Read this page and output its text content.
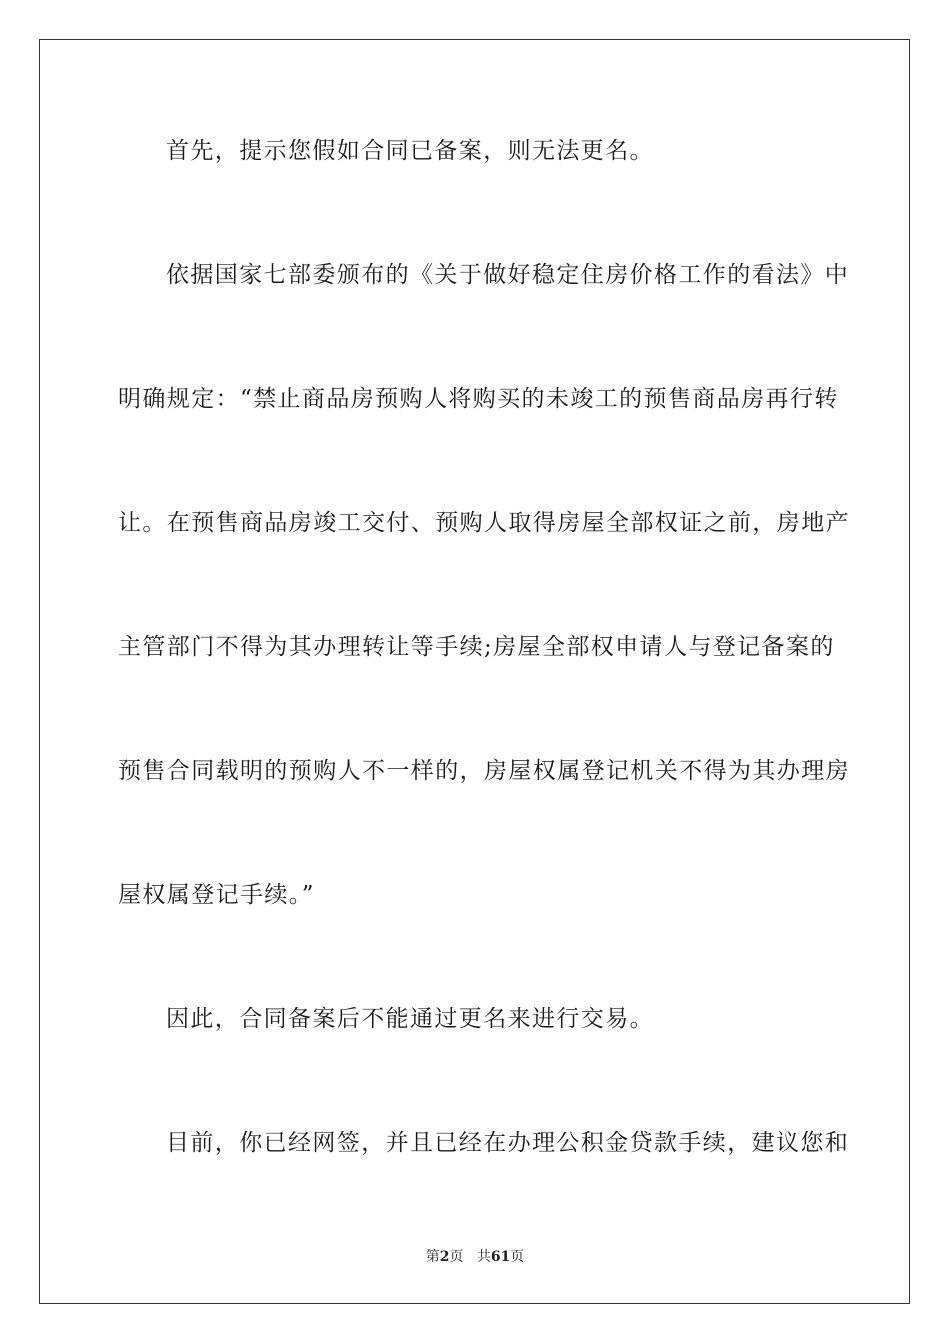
首先，提示您假如合同已备案，则无法更名。
依据国家七部委颁布的《关于做好稳定住房价格工作的看法》中
明确规定：“禁止商品房预购人将购买的未竣工的预售商品房再行转
让。在预售商品房竣工交付、预购人取得房屋全部权证之前，房地产
主管部门不得为其办理转让等手续;房屋全部权申请人与登记备案的
预售合同载明的预购人不一样的，房屋权属登记机关不得为其办理房
屋权属登记手续。”
因此，合同备案后不能通过更名来进行交易。
目前，你已经网签，并且已经在办理公积金贷款手续，建议您和
第2页 共61页
